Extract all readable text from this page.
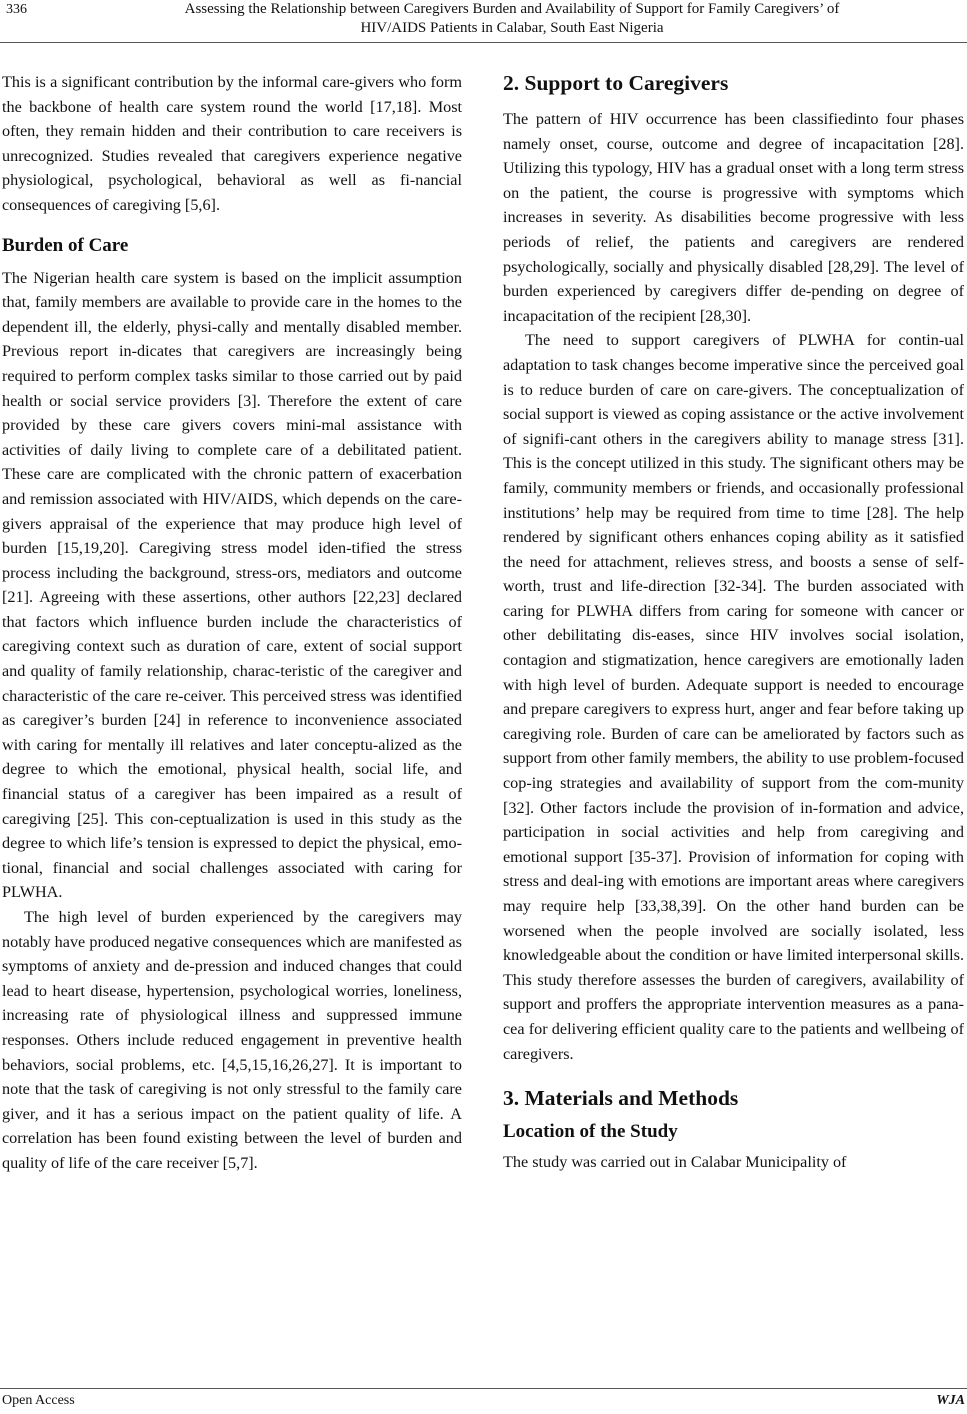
336	Assessing the Relationship between Caregivers Burden and Availability of Support for Family Caregivers’ of
HIV/AIDS Patients in Calabar, South East Nigeria

This is a significant contribution by the informal care-givers who form the backbone of health care system round the world [17,18]. Most often, they remain hidden and their contribution to care receivers is unrecognized. Studies revealed that caregivers experience negative physiological, psychological, behavioral as well as fi-nancial consequences of caregiving [5,6].

Burden of Care

The Nigerian health care system is based on the implicit assumption that, family members are available to provide care in the homes to the dependent ill, the elderly, physi-cally and mentally disabled member. Previous report in-dicates that caregivers are increasingly being required to perform complex tasks similar to those carried out by paid health or social service providers [3]. Therefore the extent of care provided by these care givers covers mini-mal assistance with activities of daily living to complete care of a debilitated patient. These care are complicated with the chronic pattern of exacerbation and remission associated with HIV/AIDS, which depends on the care-givers appraisal of the experience that may produce high level of burden [15,19,20]. Caregiving stress model iden-tified the stress process including the background, stress-ors, mediators and outcome [21]. Agreeing with these assertions, other authors [22,23] declared that factors which influence burden include the characteristics of caregiving context such as duration of care, extent of social support and quality of family relationship, charac-teristic of the caregiver and characteristic of the care re-ceiver. This perceived stress was identified as caregiver’s burden [24] in reference to inconvenience associated with caring for mentally ill relatives and later conceptu-alized as the degree to which the emotional, physical health, social life, and financial status of a caregiver has been impaired as a result of caregiving [25]. This con-ceptualization is used in this study as the degree to which life’s tension is expressed to depict the physical, emo-tional, financial and social challenges associated with caring for PLWHA.

The high level of burden experienced by the caregivers may notably have produced negative consequences which are manifested as symptoms of anxiety and de-pression and induced changes that could lead to heart disease, hypertension, psychological worries, loneliness, increasing rate of physiological illness and suppressed immune responses. Others include reduced engagement in preventive health behaviors, social problems, etc. [4,5,15,16,26,27]. It is important to note that the task of caregiving is not only stressful to the family care giver, and it has a serious impact on the patient quality of life. A correlation has been found existing between the level of burden and quality of life of the care receiver [5,7].

2. Support to Caregivers

The pattern of HIV occurrence has been classifiedinto four phases namely onset, course, outcome and degree of incapacitation [28]. Utilizing this typology, HIV has a gradual onset with a long term stress on the patient, the course is progressive with symptoms which increases in severity. As disabilities become progressive with less periods of relief, the patients and caregivers are rendered psychologically, socially and physically disabled [28,29]. The level of burden experienced by caregivers differ de-pending on degree of incapacitation of the recipient [28,30].

The need to support caregivers of PLWHA for contin-ual adaptation to task changes become imperative since the perceived goal is to reduce burden of care on care-givers. The conceptualization of social support is viewed as coping assistance or the active involvement of signifi-cant others in the caregivers ability to manage stress [31]. This is the concept utilized in this study. The significant others may be family, community members or friends, and occasionally professional institutions’ help may be required from time to time [28]. The help rendered by significant others enhances coping ability as it satisfied the need for attachment, relieves stress, and boosts a sense of self-worth, trust and life-direction [32-34]. The burden associated with caring for PLWHA differs from caring for someone with cancer or other debilitating dis-eases, since HIV involves social isolation, contagion and stigmatization, hence caregivers are emotionally laden with high level of burden. Adequate support is needed to encourage and prepare caregivers to express hurt, anger and fear before taking up caregiving role. Burden of care can be ameliorated by factors such as support from other family members, the ability to use problem-focused cop-ing strategies and availability of support from the com-munity [32]. Other factors include the provision of in-formation and advice, participation in social activities and help from caregiving and emotional support [35-37]. Provision of information for coping with stress and deal-ing with emotions are important areas where caregivers may require help [33,38,39]. On the other hand burden can be worsened when the people involved are socially isolated, less knowledgeable about the condition or have limited interpersonal skills. This study therefore assesses the burden of caregivers, availability of support and proffers the appropriate intervention measures as a pana-cea for delivering efficient quality care to the patients and wellbeing of caregivers.

3. Materials and Methods
Location of the Study

The study was carried out in Calabar Municipality of

Open Access	WJA
